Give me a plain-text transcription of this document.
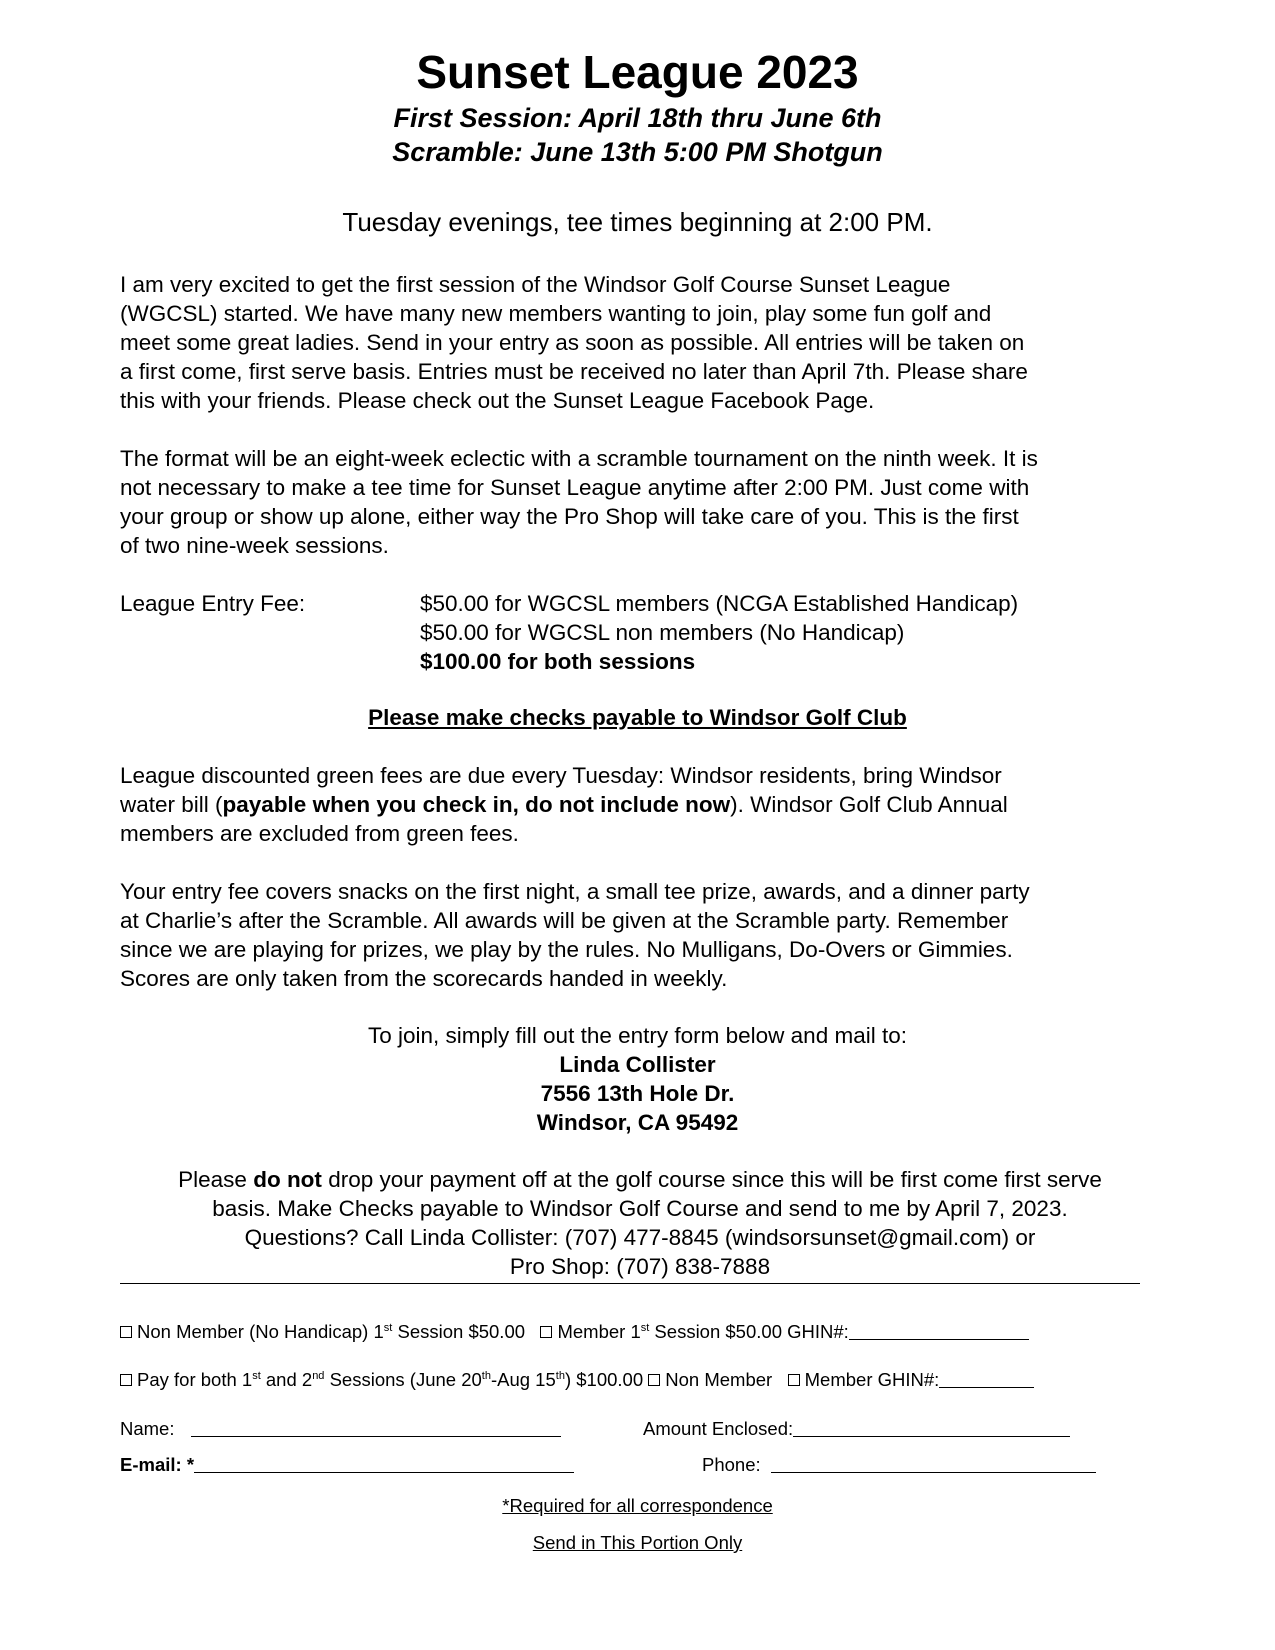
Sunset League 2023
First Session: April 18th thru June 6th
Scramble: June 13th 5:00 PM Shotgun
Tuesday evenings, tee times beginning at 2:00 PM.
I am very excited to get the first session of the Windsor Golf Course Sunset League
(WGCSL) started. We have many new members wanting to join, play some fun golf and
meet some great ladies. Send in your entry as soon as possible. All entries will be taken on
a first come, first serve basis. Entries must be received no later than April 7th. Please share
this with your friends. Please check out the Sunset League Facebook Page.
The format will be an eight-week eclectic with a scramble tournament on the ninth week. It is
not necessary to make a tee time for Sunset League anytime after 2:00 PM. Just come with
your group or show up alone, either way the Pro Shop will take care of you. This is the first
of two nine-week sessions.
League Entry Fee:	$50.00 for WGCSL members (NCGA Established Handicap)
$50.00 for WGCSL non members (No Handicap)
$100.00 for both sessions
Please make checks payable to Windsor Golf Club
League discounted green fees are due every Tuesday: Windsor residents, bring Windsor
water bill (payable when you check in, do not include now). Windsor Golf Club Annual
members are excluded from green fees.
Your entry fee covers snacks on the first night, a small tee prize, awards, and a dinner party
at Charlie’s after the Scramble. All awards will be given at the Scramble party. Remember
since we are playing for prizes, we play by the rules. No Mulligans, Do-Overs or Gimmies.
Scores are only taken from the scorecards handed in weekly.
To join, simply fill out the entry form below and mail to:
Linda Collister
7556 13th Hole Dr.
Windsor, CA 95492
Please do not drop your payment off at the golf course since this will be first come first serve
basis. Make Checks payable to Windsor Golf Course and send to me by April 7, 2023.
Questions? Call Linda Collister: (707) 477-8845 (windsorsunset@gmail.com) or
Pro Shop: (707) 838-7888
Non Member (No Handicap) 1st Session $50.00 Member 1st Session $50.00 GHIN#:
Pay for both 1st and 2nd Sessions (June 20th-Aug 15th) $100.00 Non Member Member GHIN#:
Name:	Amount Enclosed:
E-mail: *	Phone:
*Required for all correspondence
Send in This Portion Only
